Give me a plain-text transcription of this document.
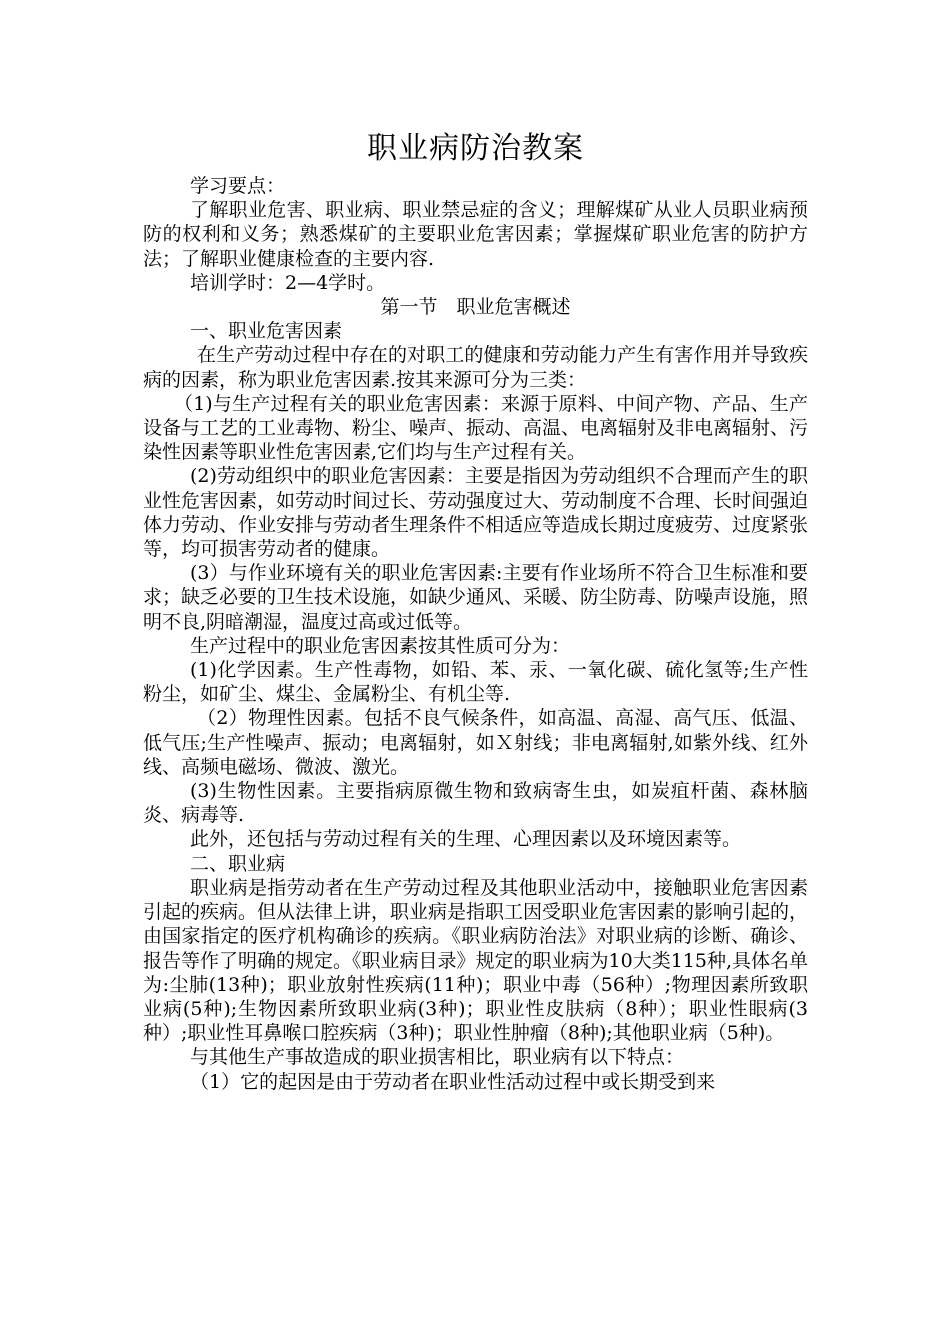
职业病防治教案

学习要点：

了解职业危害、职业病、职业禁忌症的含义；理解煤矿从业人员职业病预防的权利和义务；熟悉煤矿的主要职业危害因素；掌握煤矿职业危害的防护方法；了解职业健康检查的主要内容.

培训学时：2—4学时。

第一节　职业危害概述

一、职业危害因素

在生产劳动过程中存在的对职工的健康和劳动能力产生有害作用并导致疾病的因素，称为职业危害因素.按其来源可分为三类：

（1)与生产过程有关的职业危害因素：来源于原料、中间产物、产品、生产设备与工艺的工业毒物、粉尘、噪声、振动、高温、电离辐射及非电离辐射、污染性因素等职业性危害因素,它们均与生产过程有关。

(2)劳动组织中的职业危害因素：主要是指因为劳动组织不合理而产生的职业性危害因素，如劳动时间过长、劳动强度过大、劳动制度不合理、长时间强迫体力劳动、作业安排与劳动者生理条件不相适应等造成长期过度疲劳、过度紧张等，均可损害劳动者的健康。

(3）与作业环境有关的职业危害因素:主要有作业场所不符合卫生标准和要求；缺乏必要的卫生技术设施，如缺少通风、采暖、防尘防毒、防噪声设施，照明不良,阴暗潮湿，温度过高或过低等。

生产过程中的职业危害因素按其性质可分为：

(1)化学因素。生产性毒物，如铅、苯、汞、一氧化碳、硫化氢等;生产性粉尘，如矿尘、煤尘、金属粉尘、有机尘等.

（2）物理性因素。包括不良气候条件，如高温、高湿、高气压、低温、低气压;生产性噪声、振动；电离辐射，如Ｘ射线；非电离辐射,如紫外线、红外线、高频电磁场、微波、激光。

(3)生物性因素。主要指病原微生物和致病寄生虫，如炭疽杆菌、森林脑炎、病毒等.

此外，还包括与劳动过程有关的生理、心理因素以及环境因素等。

二、职业病

职业病是指劳动者在生产劳动过程及其他职业活动中，接触职业危害因素引起的疾病。但从法律上讲，职业病是指职工因受职业危害因素的影响引起的，由国家指定的医疗机构确诊的疾病。《职业病防治法》对职业病的诊断、确诊、报告等作了明确的规定。《职业病目录》规定的职业病为10大类115种,具体名单为:尘肺(13种)；职业放射性疾病(11种)；职业中毒（56种）;物理因素所致职业病(5种);生物因素所致职业病(3种)；职业性皮肤病（8种）；职业性眼病(3种）;职业性耳鼻喉口腔疾病（3种)；职业性肿瘤（8种);其他职业病（5种)。

与其他生产事故造成的职业损害相比，职业病有以下特点：

（1）它的起因是由于劳动者在职业性活动过程中或长期受到来
